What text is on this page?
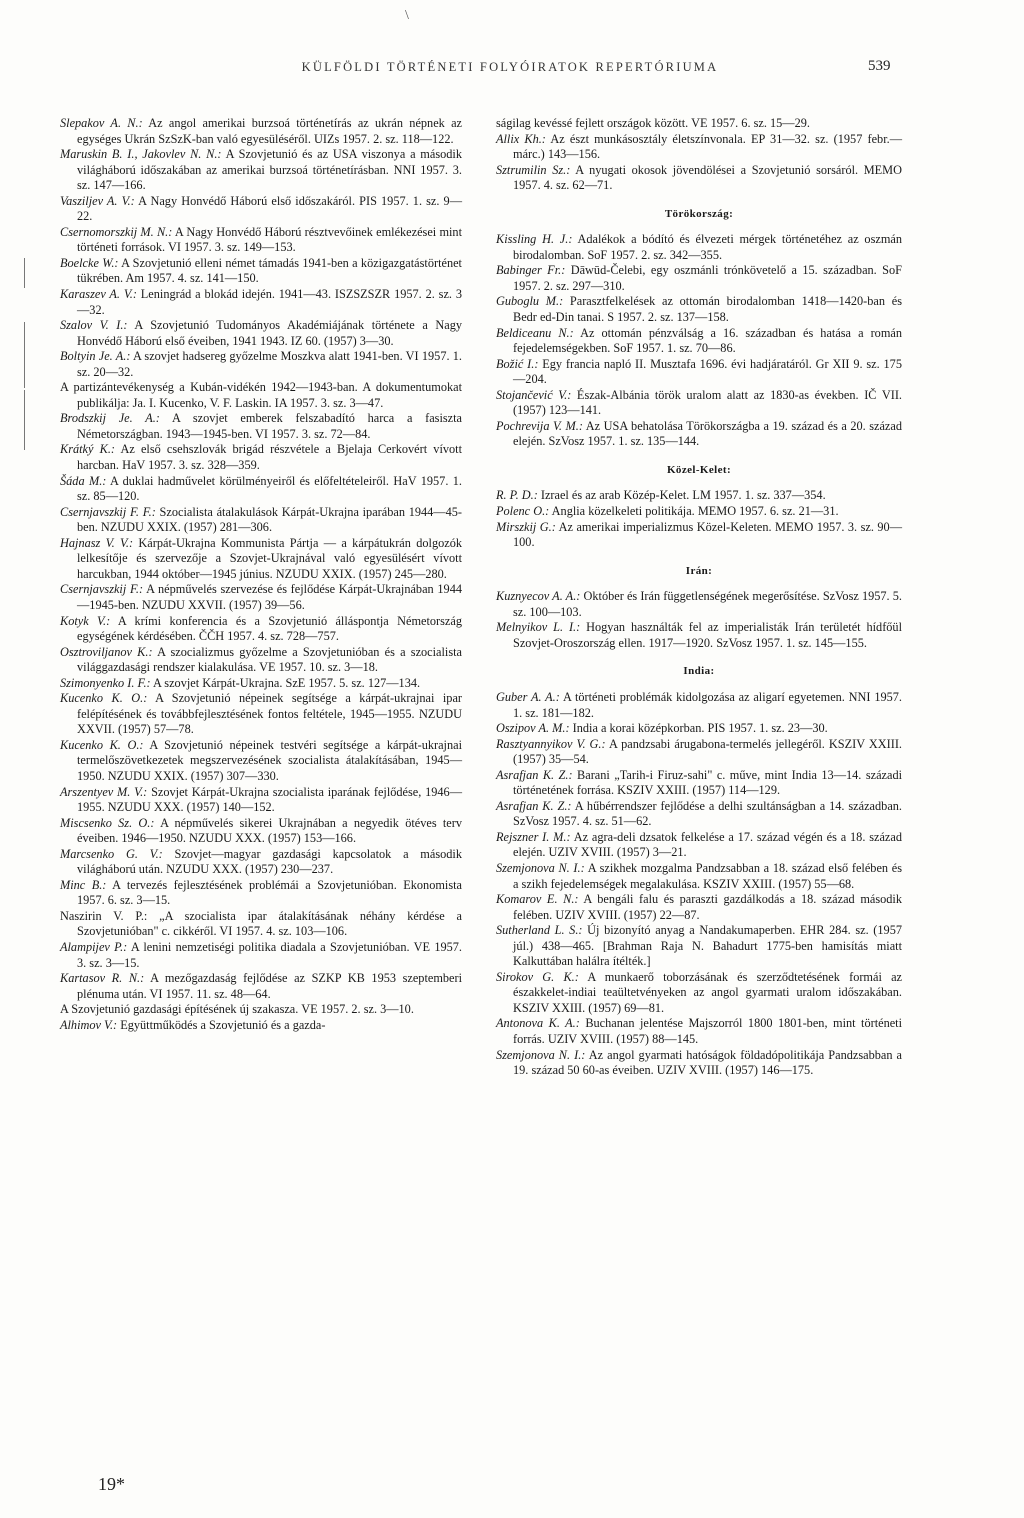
\
KÜLFÖLDI TÖRTÉNETI FOLYÓIRATOK REPERTÓRIUMA	539

Slepakov A. N.: Az angol amerikai burzsoá történetírás az ukrán népnek az egységes Ukrán SzSzK-ban való egyesüléséről. UIZs 1957. 2. sz. 118—122.

Maruskin B. I., Jakovlev N. N.: A Szovjetunió és az USA viszonya a második világháború időszakában az amerikai burzsoá történetírásban. NNI 1957. 3. sz. 147—166.

Vasziljev A. V.: A Nagy Honvédő Háború első időszakáról. PIS 1957. 1. sz. 9—22.

Csernomorszkij M. N.: A Nagy Honvédő Háború résztvevőinek emlékezései mint történeti források. VI 1957. 3. sz. 149—153.

Boelcke W.: A Szovjetunió elleni német támadás 1941-ben a közigazgatástörténet tükrében. Am 1957. 4. sz. 141—150.

Karaszev A. V.: Leningrád a blokád idején. 1941—43. ISZSZSZR 1957. 2. sz. 3—32.

Szalov V. I.: A Szovjetunió Tudományos Akadémiájának története a Nagy Honvédő Háború első éveiben, 1941 1943. IZ 60. (1957) 3—30.

Boltyin Je. A.: A szovjet hadsereg győzelme Moszkva alatt 1941-ben. VI 1957. 1. sz. 20—32.

A partizántevékenység a Kubán-vidékén 1942—1943-ban. A dokumentumokat publikálja: Ja. I. Kucenko, V. F. Laskin. IA 1957. 3. sz. 3—47.

Brodszkij Je. A.: A szovjet emberek felszabadító harca a fasiszta Németországban. 1943—1945-ben. VI 1957. 3. sz. 72—84.

Krátký K.: Az első csehszlovák brigád részvétele a Bjelaja Cerkovért vívott harcban. HaV 1957. 3. sz. 328—359.

Šáda M.: A duklai hadművelet körülményeiről és előfeltételeiről. HaV 1957. 1. sz. 85—120.

Csernjavszkij F. F.: Szocialista átalakulások Kárpát-Ukrajna iparában 1944—45-ben. NZUDU XXIX. (1957) 281—306.

Hajnasz V. V.: Kárpát-Ukrajna Kommunista Pártja — a kárpátukrán dolgozók lelkesítője és szervezője a Szovjet-Ukrajnával való egyesülésért vívott harcukban, 1944 október—1945 június. NZUDU XXIX. (1957) 245—280.

Csernjavszkij F.: A népművelés szervezése és fejlődése Kárpát-Ukrajnában 1944—1945-ben. NZUDU XXVII. (1957) 39—56.

Kotyk V.: A krími konferencia és a Szovjetunió álláspontja Németország egységének kérdésében. ČČH 1957. 4. sz. 728—757.

Osztroviljanov K.: A szocializmus győzelme a Szovjetunióban és a szocialista világgazdasági rendszer kialakulása. VE 1957. 10. sz. 3—18.

Szimonyenko I. F.: A szovjet Kárpát-Ukrajna. SzE 1957. 5. sz. 127—134.

Kucenko K. O.: A Szovjetunió népeinek segítsége a kárpát-ukrajnai ipar felépítésének és továbbfejlesztésének fontos feltétele, 1945—1955. NZUDU XXVII. (1957) 57—78.

Kucenko K. O.: A Szovjetunió népeinek testvéri segítsége a kárpát-ukrajnai termelőszövetkezetek megszervezésének szocialista átalakításában, 1945—1950. NZUDU XXIX. (1957) 307—330.

Arszentyev M. V.: Szovjet Kárpát-Ukrajna szocialista iparának fejlődése, 1946—1955. NZUDU XXX. (1957) 140—152.

Miscsenko Sz. O.: A népművelés sikerei Ukrajnában a negyedik ötéves terv éveiben. 1946—1950. NZUDU XXX. (1957) 153—166.

Marcsenko G. V.: Szovjet—magyar gazdasági kapcsolatok a második világháború után. NZUDU XXX. (1957) 230—237.

Minc B.: A tervezés fejlesztésének problémái a Szovjetunióban. Ekonomista 1957. 6. sz. 3—15.

Naszirin V. P.: „A szocialista ipar átalakításának néhány kérdése a Szovjetunióban" c. cikkéről. VI 1957. 4. sz. 103—106.

Alampijev P.: A lenini nemzetiségi politika diadala a Szovjetunióban. VE 1957. 3. sz. 3—15.

Kartasov R. N.: A mezőgazdaság fejlődése az SZKP KB 1953 szeptemberi plénuma után. VI 1957. 11. sz. 48—64.

A Szovjetunió gazdasági építésének új szakasza. VE 1957. 2. sz. 3—10.

Alhimov V.: Együttműködés a Szovjetunió és a gazda-

ságilag kevéssé fejlett országok között. VE 1957. 6. sz. 15—29.

Allix Kh.: Az észt munkásosztály életszínvonala. EP 31—32. sz. (1957 febr.—márc.) 143—156.

Sztrumilin Sz.: A nyugati okosok jövendölései a Szovjetunió sorsáról. MEMO 1957. 4. sz. 62—71.

Törökország:

Kissling H. J.: Adalékok a bódító és élvezeti mérgek történetéhez az oszmán birodalomban. SoF 1957. 2. sz. 342—355.

Babinger Fr.: Dāwūd-Čelebi, egy oszmánli trónkövetelő a 15. században. SoF 1957. 2. sz. 297—310.

Guboglu M.: Parasztfelkelések az ottomán birodalomban 1418—1420-ban és Bedr ed-Din tanai. S 1957. 2. sz. 137—158.

Beldiceanu N.: Az ottomán pénzválság a 16. században és hatása a román fejedelemségekben. SoF 1957. 1. sz. 70—86.

Božić I.: Egy francia napló II. Musztafa 1696. évi hadjáratáról. Gr XII 9. sz. 175—204.

Stojančević V.: Észak-Albánia török uralom alatt az 1830-as években. IČ VII. (1957) 123—141.

Pochrevija V. M.: Az USA behatolása Törökországba a 19. század és a 20. század elején. SzVosz 1957. 1. sz. 135—144.

Közel-Kelet:

R. P. D.: Izrael és az arab Közép-Kelet. LM 1957. 1. sz. 337—354.

Polenc O.: Anglia közelkeleti politikája. MEMO 1957. 6. sz. 21—31.

Mirszkij G.: Az amerikai imperializmus Közel-Keleten. MEMO 1957. 3. sz. 90—100.

Irán:

Kuznyecov A. A.: Október és Irán függetlenségének megerősítése. SzVosz 1957. 5. sz. 100—103.

Melnyikov L. I.: Hogyan használták fel az imperialisták Irán területét hídfőül Szovjet-Oroszország ellen. 1917—1920. SzVosz 1957. 1. sz. 145—155.

India:

Guber A. A.: A történeti problémák kidolgozása az aligarí egyetemen. NNI 1957. 1. sz. 181—182.

Oszipov A. M.: India a korai középkorban. PIS 1957. 1. sz. 23—30.

Rasztyannyikov V. G.: A pandzsabi árugabona-termelés jellegéről. KSZIV XXIII. (1957) 35—54.

Asrafjan K. Z.: Barani „Tarih-i Firuz-sahi" c. műve, mint India 13—14. századi történetének forrása. KSZIV XXIII. (1957) 114—129.

Asrafjan K. Z.: A hűbérrendszer fejlődése a delhi szultánságban a 14. században. SzVosz 1957. 4. sz. 51—62.

Rejszner I. M.: Az agra-deli dzsatok felkelése a 17. század végén és a 18. század elején. UZIV XVIII. (1957) 3—21.

Szemjonova N. I.: A szikhek mozgalma Pandzsabban a 18. század első felében és a szikh fejedelemségek megalakulása. KSZIV XXIII. (1957) 55—68.

Komarov E. N.: A bengáli falu és paraszti gazdálkodás a 18. század második felében. UZIV XVIII. (1957) 22—87.

Sutherland L. S.: Új bizonyító anyag a Nandakumaperben. EHR 284. sz. (1957 júl.) 438—465. [Brahman Raja N. Bahadurt 1775-ben hamisítás miatt Kalkuttában halálra ítélték.]

Sirokov G. K.: A munkaerő toborzásának és szerződtetésének formái az északkelet-indiai teaültetvényeken az angol gyarmati uralom időszakában. KSZIV XXIII. (1957) 69—81.

Antonova K. A.: Buchanan jelentése Majszorról 1800 1801-ben, mint történeti forrás. UZIV XVIII. (1957) 88—145.

Szemjonova N. I.: Az angol gyarmati hatóságok földadópolitikája Pandzsabban a 19. század 50 60-as éveiben. UZIV XVIII. (1957) 146—175.

19*
